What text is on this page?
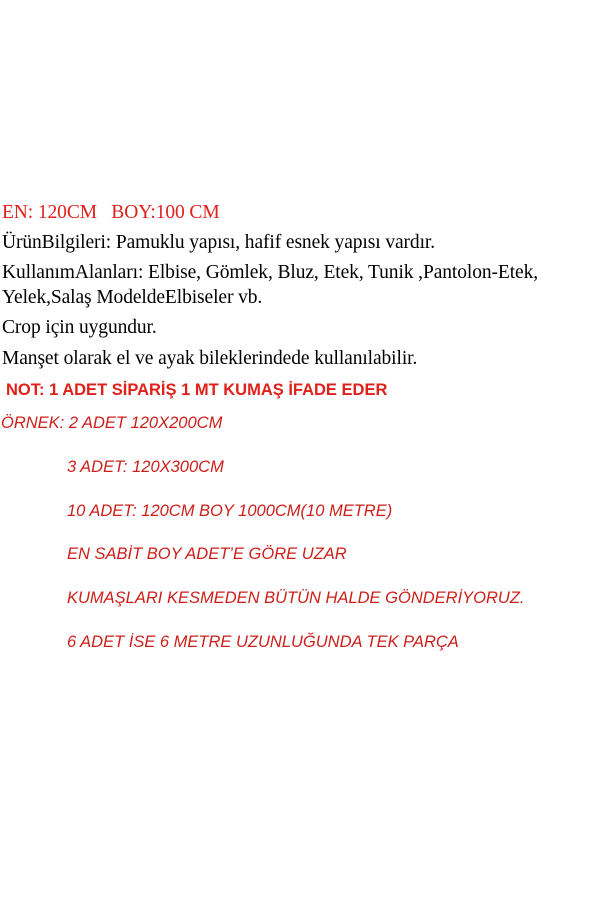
EN: 120CM   BOY:100 CM

ÜrünBilgileri: Pamuklu yapısı, hafif esnek yapısı vardır.

KullanımAlanları: Elbise, Gömlek, Bluz, Etek, Tunik ,Pantolon-Etek,

Yelek,Salaş ModeldeElbiseler vb.

Crop için uygundur.

Manşet olarak el ve ayak bileklerindede kullanılabilir.

NOT: 1 ADET SİPARİŞ 1 MT KUMAŞ İFADE EDER

ÖRNEK: 2 ADET 120X200CM

3 ADET: 120X300CM

10 ADET: 120CM BOY 1000CM(10 METRE)

EN SABİT BOY ADET’E GÖRE UZAR

KUMAŞLARI KESMEDEN BÜTÜN HALDE GÖNDERİYORUZ.

6 ADET İSE 6 METRE UZUNLUĞUNDA TEK PARÇA
